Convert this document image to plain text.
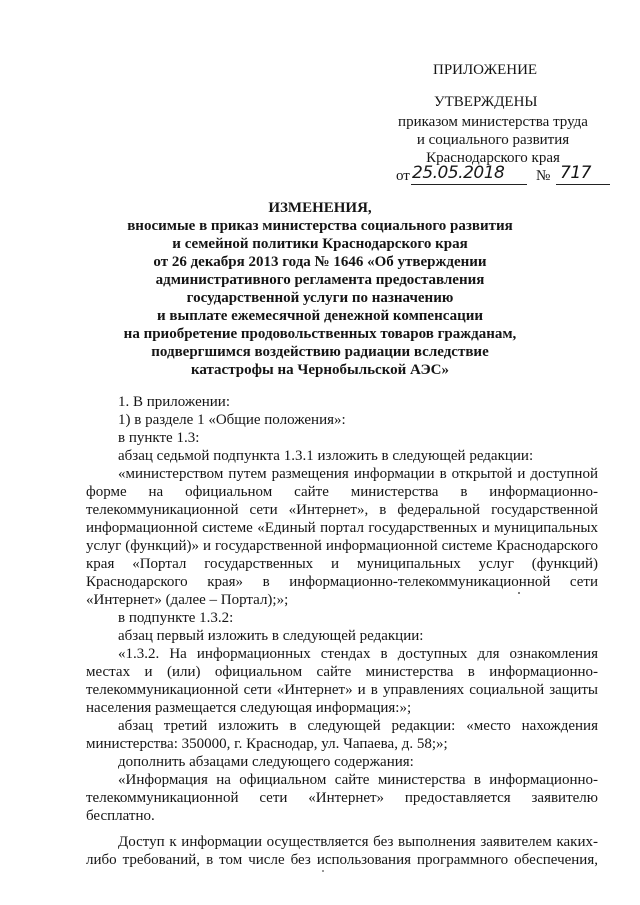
ПРИЛОЖЕНИЕ
УТВЕРЖДЕНЫ
приказом министерства труда
и социального развития
Краснодарского края
от 25.05.2018 № 717
ИЗМЕНЕНИЯ,
вносимые в приказ министерства социального развития
и семейной политики Краснодарского края
от 26 декабря 2013 года № 1646 «Об утверждении
административного регламента предоставления
государственной услуги по назначению
и выплате ежемесячной денежной компенсации
на приобретение продовольственных товаров гражданам,
подвергшимся воздействию радиации вследствие
катастрофы на Чернобыльской АЭС»
1. В приложении:
1) в разделе 1 «Общие положения»:
в пункте 1.3:
абзац седьмой подпункта 1.3.1 изложить в следующей редакции:
«министерством путем размещения информации в открытой и доступной
форме на официальном сайте министерства в информационно-
телекоммуникационной сети «Интернет», в федеральной государственной
информационной системе «Единый портал государственных и муниципальных
услуг (функций)» и государственной информационной системе Краснодарского
края «Портал государственных и муниципальных услуг (функций)
Краснодарского края» в информационно-телекоммуникационной сети
«Интернет» (далее – Портал);»;
в подпункте 1.3.2:
абзац первый изложить в следующей редакции:
«1.3.2. На информационных стендах в доступных для ознакомления
местах и (или) официальном сайте министерства в информационно-
телекоммуникационной сети «Интернет» и в управлениях социальной защиты
населения размещается следующая информация:»;
абзац третий изложить в следующей редакции: «место нахождения
министерства: 350000, г. Краснодар, ул. Чапаева, д. 58;»;
дополнить абзацами следующего содержания:
«Информация на официальном сайте министерства в информационно-
телекоммуникационной сети «Интернет» предоставляется заявителю
бесплатно.
Доступ к информации осуществляется без выполнения заявителем каких-
либо требований, в том числе без использования программного обеспечения,
